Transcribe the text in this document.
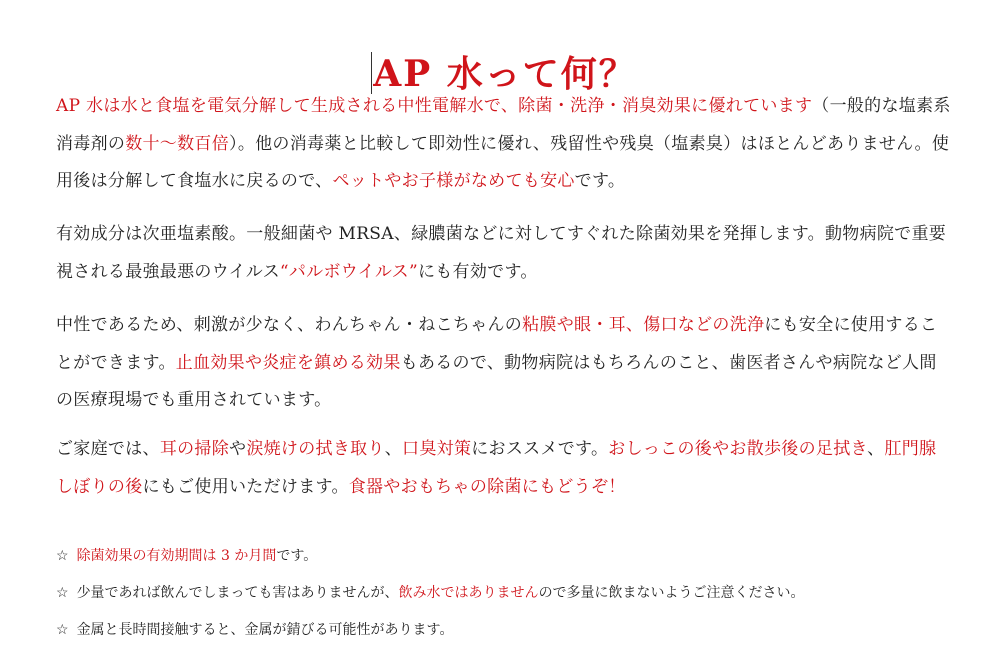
AP 水って何？

AP 水は水と食塩を電気分解して生成される中性電解水で、除菌・洗浄・消臭効果に優れています（一般的な塩素系消毒剤の数十～数百倍）。他の消毒薬と比較して即効性に優れ、残留性や残臭（塩素臭）はほとんどありません。使用後は分解して食塩水に戻るので、ペットやお子様がなめても安心です。

有効成分は次亜塩素酸。一般細菌や MRSA、緑膿菌などに対してすぐれた除菌効果を発揮します。動物病院で重要視される最強最悪のウイルス“パルボウイルス”にも有効です。

中性であるため、刺激が少なく、わんちゃん・ねこちゃんの粘膜や眼・耳、傷口などの洗浄にも安全に使用することができます。止血効果や炎症を鎮める効果もあるので、動物病院はもちろんのこと、歯医者さんや病院など人間の医療現場でも重用されています。

ご家庭では、耳の掃除や涙焼けの拭き取り、口臭対策におススメです。おしっこの後やお散歩後の足拭き、肛門腺しぼりの後にもご使用いただけます。食器やおもちゃの除菌にもどうぞ！

☆ 除菌効果の有効期間は 3 か月間です。

☆ 少量であれば飲んでしまっても害はありませんが、飲み水ではありませんので多量に飲まないようご注意ください。

☆ 金属と長時間接触すると、金属が錆びる可能性があります。
